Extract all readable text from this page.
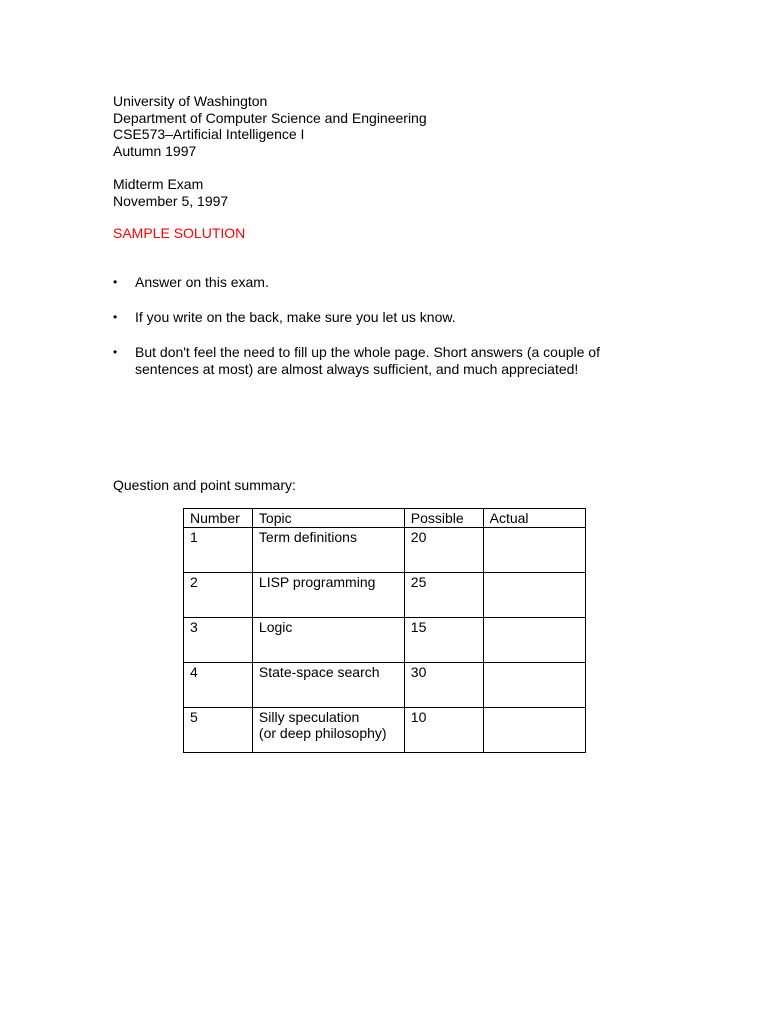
University of Washington
Department of Computer Science and Engineering
CSE573–Artificial Intelligence I
Autumn 1997
Midterm Exam
November 5, 1997
SAMPLE SOLUTION
•	Answer on this exam.
•	If you write on the back, make sure you let us know.
•	But don't feel the need to fill up the whole page. Short answers (a couple of
sentences at most) are almost always sufficient, and much appreciated!
Question and point summary:
Number	Topic	Possible	Actual
1	Term definitions	20	
2	LISP programming	25	
3	Logic	15	
4	State-space search	30	
5	Silly speculation
(or deep philosophy)	10	
